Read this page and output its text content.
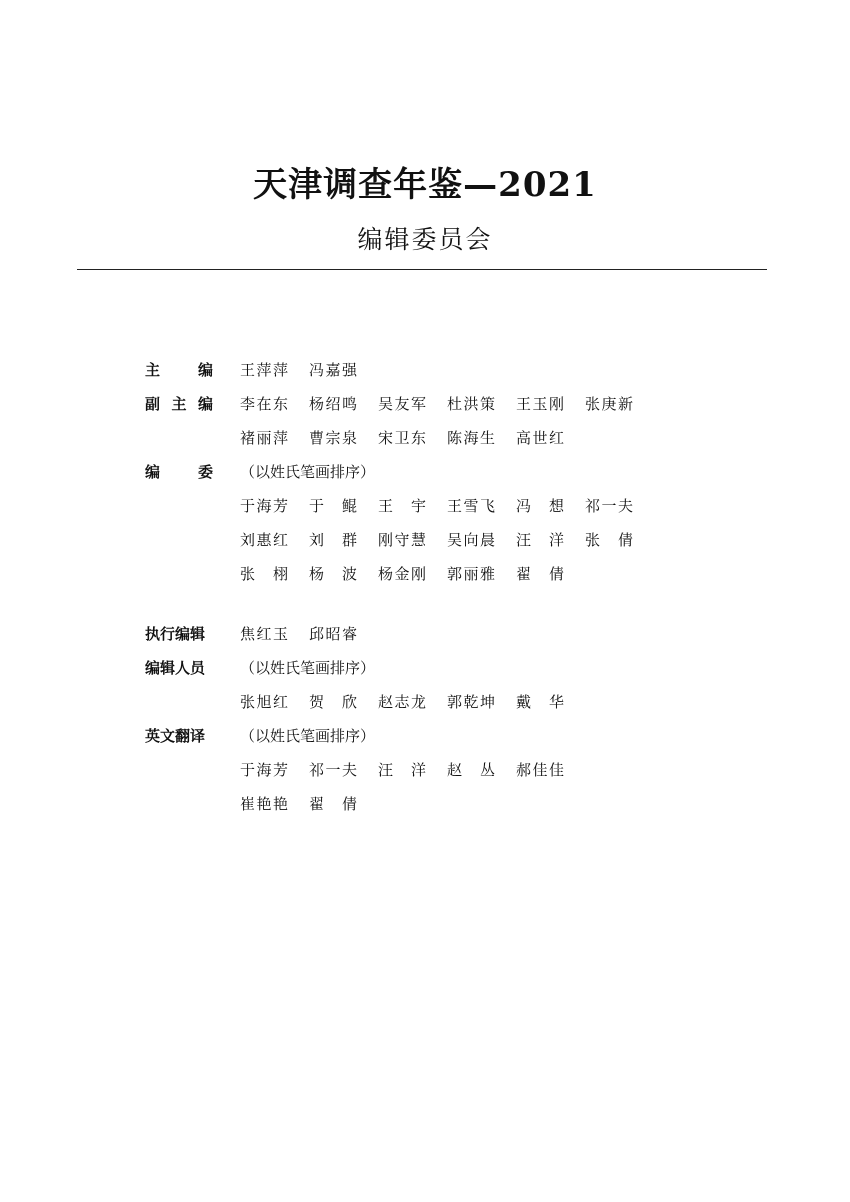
天津调查年鉴—2021
编辑委员会
主	编 王萍萍 冯嘉强
副 主 编 李在东 杨绍鸣 吴友军 杜洪策 王玉刚 张庚新
褚丽萍 曹宗泉 宋卫东 陈海生 高世红
编	委 （以姓氏笔画排序）
于海芳 于　鲲 王　宇 王雪飞 冯　想 祁一夫
刘惠红 刘　群 刚守慧 吴向晨 汪　洋 张　倩
张　栩 杨　波 杨金刚 郭丽雅 翟　倩
执行编辑	焦红玉 邱昭睿
编辑人员	（以姓氏笔画排序）
张旭红 贺　欣 赵志龙 郭乾坤 戴　华
英文翻译	（以姓氏笔画排序）
于海芳 祁一夫 汪　洋 赵　丛 郝佳佳
崔艳艳 翟　倩
